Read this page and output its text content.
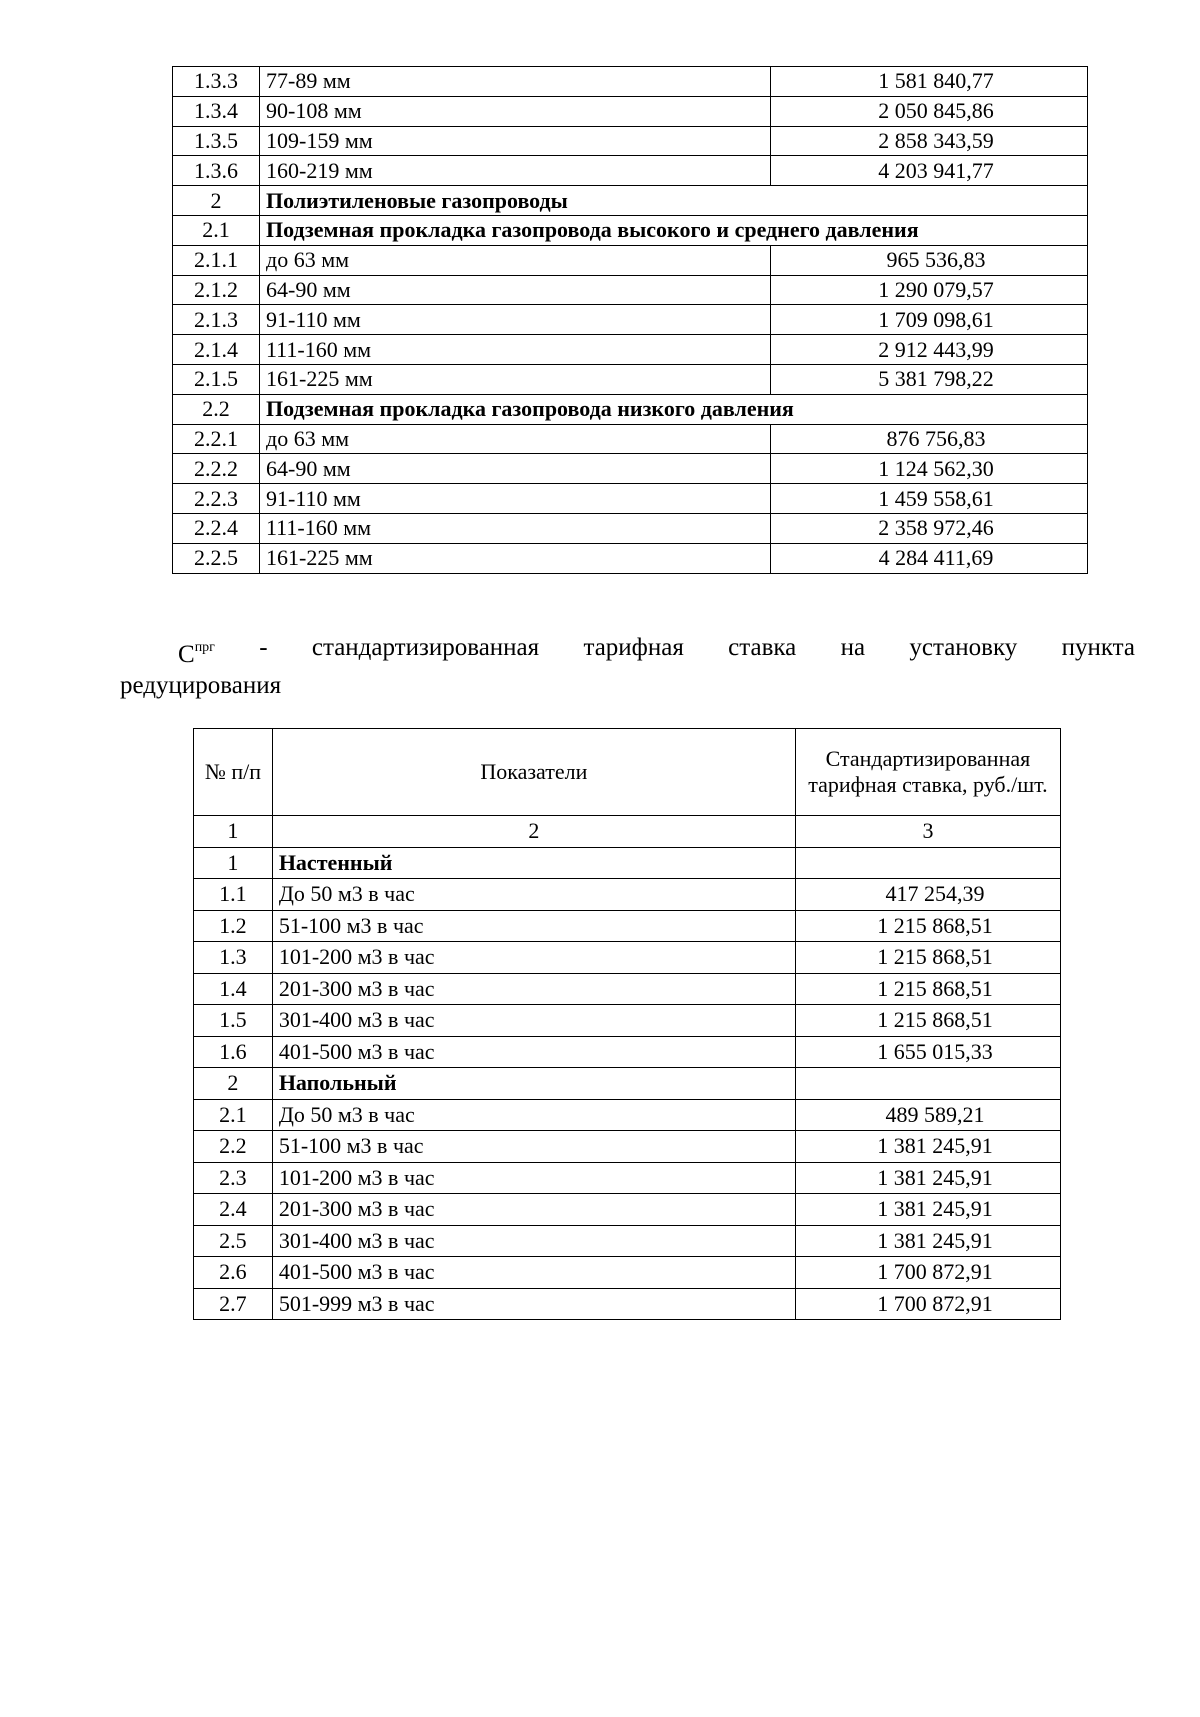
1.3.3	77-89 мм	1 581 840,77
1.3.4	90-108 мм	2 050 845,86
1.3.5	109-159 мм	2 858 343,59
1.3.6	160-219 мм	4 203 941,77
2	Полиэтиленовые газопроводы	
2.1	Подземная прокладка газопровода высокого и среднего давления	
2.1.1	до 63 мм	965 536,83
2.1.2	64-90 мм	1 290 079,57
2.1.3	91-110 мм	1 709 098,61
2.1.4	111-160 мм	2 912 443,99
2.1.5	161-225 мм	5 381 798,22
2.2	Подземная прокладка газопровода низкого давления	
2.2.1	до 63 мм	876 756,83
2.2.2	64-90 мм	1 124 562,30
2.2.3	91-110 мм	1 459 558,61
2.2.4	111-160 мм	2 358 972,46
2.2.5	161-225 мм	4 284 411,69
$C^{прг}$ - стандартизированная тарифная ставка на установку пункта
редуцирования
№ п/п	Показатели	Стандартизированная тарифная ставка, руб./шт.
1	2	3
1	Настенный	
1.1	До 50 м3 в час	417 254,39
1.2	51-100 м3 в час	1 215 868,51
1.3	101-200 м3 в час	1 215 868,51
1.4	201-300 м3 в час	1 215 868,51
1.5	301-400 м3 в час	1 215 868,51
1.6	401-500 м3 в час	1 655 015,33
2	Напольный	
2.1	До 50 м3 в час	489 589,21
2.2	51-100 м3 в час	1 381 245,91
2.3	101-200 м3 в час	1 381 245,91
2.4	201-300 м3 в час	1 381 245,91
2.5	301-400 м3 в час	1 381 245,91
2.6	401-500 м3 в час	1 700 872,91
2.7	501-999 м3 в час	1 700 872,91
